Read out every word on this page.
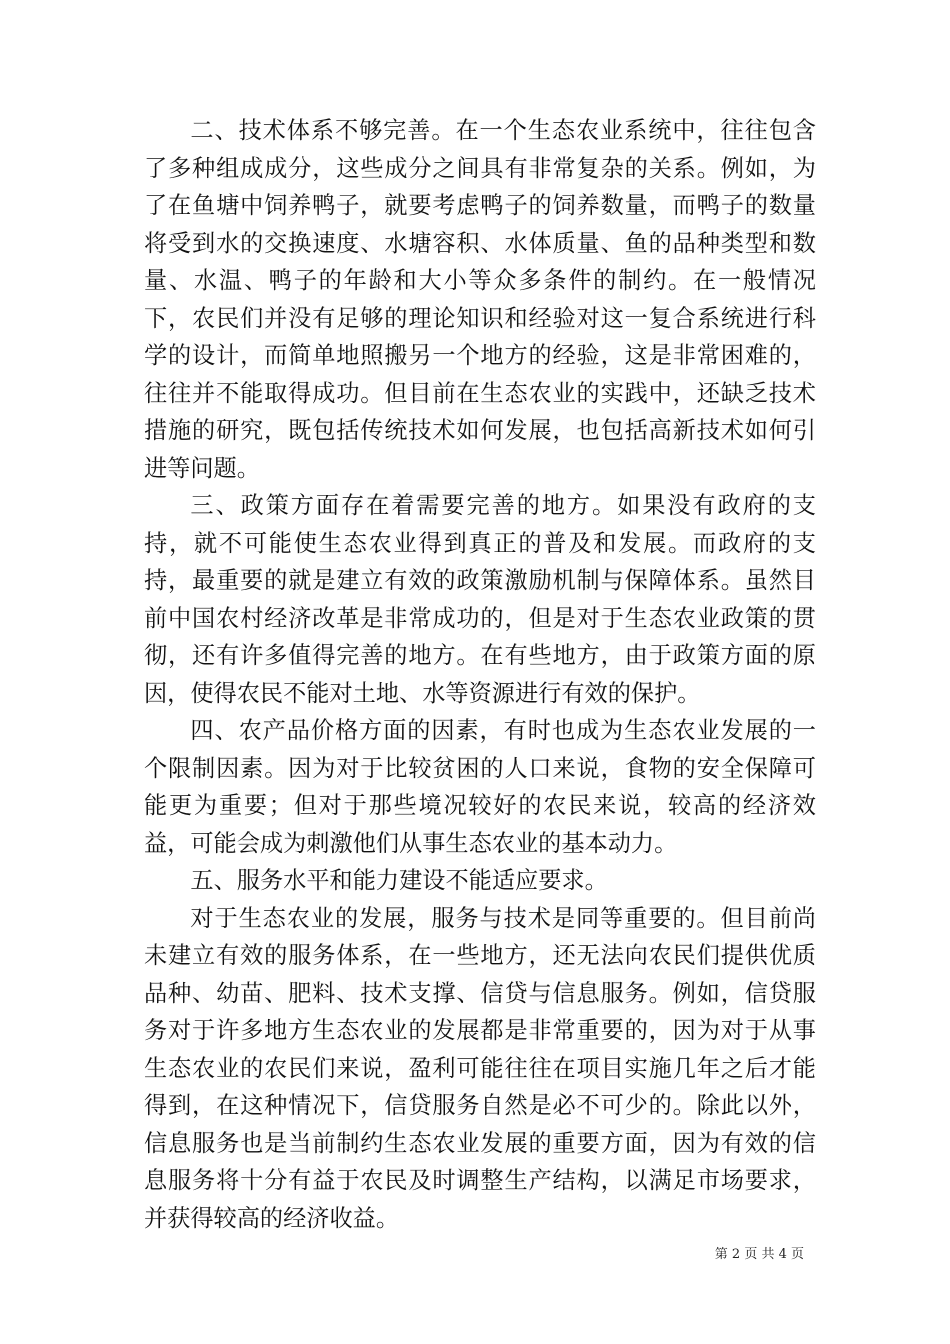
二、技术体系不够完善。在一个生态农业系统中，往往包含了多种组成成分，这些成分之间具有非常复杂的关系。例如，为了在鱼塘中饲养鸭子，就要考虑鸭子的饲养数量，而鸭子的数量将受到水的交换速度、水塘容积、水体质量、鱼的品种类型和数量、水温、鸭子的年龄和大小等众多条件的制约。在一般情况下，农民们并没有足够的理论知识和经验对这一复合系统进行科学的设计，而简单地照搬另一个地方的经验，这是非常困难的，往往并不能取得成功。但目前在生态农业的实践中，还缺乏技术措施的研究，既包括传统技术如何发展，也包括高新技术如何引进等问题。

三、政策方面存在着需要完善的地方。如果没有政府的支持，就不可能使生态农业得到真正的普及和发展。而政府的支持，最重要的就是建立有效的政策激励机制与保障体系。虽然目前中国农村经济改革是非常成功的，但是对于生态农业政策的贯彻，还有许多值得完善的地方。在有些地方，由于政策方面的原因，使得农民不能对土地、水等资源进行有效的保护。

四、农产品价格方面的因素，有时也成为生态农业发展的一个限制因素。因为对于比较贫困的人口来说，食物的安全保障可能更为重要；但对于那些境况较好的农民来说，较高的经济效益，可能会成为刺激他们从事生态农业的基本动力。

五、服务水平和能力建设不能适应要求。

对于生态农业的发展，服务与技术是同等重要的。但目前尚未建立有效的服务体系，在一些地方，还无法向农民们提供优质品种、幼苗、肥料、技术支撑、信贷与信息服务。例如，信贷服务对于许多地方生态农业的发展都是非常重要的，因为对于从事生态农业的农民们来说，盈利可能往往在项目实施几年之后才能得到，在这种情况下，信贷服务自然是必不可少的。除此以外，信息服务也是当前制约生态农业发展的重要方面，因为有效的信息服务将十分有益于农民及时调整生产结构，以满足市场要求，并获得较高的经济收益。

第 2 页 共 4 页
